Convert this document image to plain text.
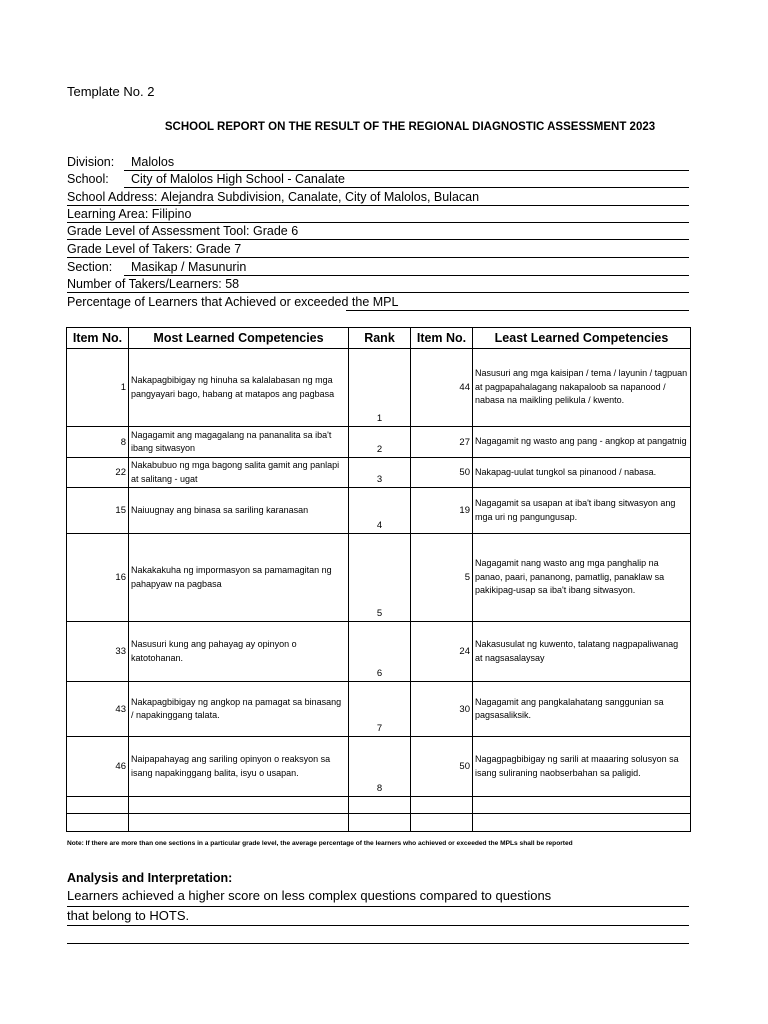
Template No. 2
SCHOOL REPORT ON THE RESULT OF THE REGIONAL DIAGNOSTIC ASSESSMENT 2023
Division: Malolos
School: City of Malolos High School - Canalate
School Address: Alejandra Subdivision, Canalate, City of Malolos, Bulacan
Learning Area: Filipino
Grade Level of Assessment Tool: Grade 6
Grade Level of Takers: Grade 7
Section: Masikap / Masunurin
Number of Takers/Learners: 58
Percentage of Learners that Achieved or exceeded the MPL
Item No.	Most Learned Competencies	Rank	Item No.	Least Learned Competencies
1	Nakapagbibigay ng hinuha sa kalalabasan ng mga pangyayari bago, habang at matapos ang pagbasa	1	44	Nasusuri ang mga kaisipan / tema / layunin / tagpuan at pagpapahalagang nakapaloob sa napanood / nabasa na maikling pelikula / kwento.
8	Nagagamit ang magagalang na pananalita sa iba't ibang sitwasyon	2	27	Nagagamit ng wasto ang pang - angkop at pangatnig
22	Nakabubuo ng mga bagong salita gamit ang panlapi at salitang - ugat	3	50	Nakapag-uulat tungkol sa pinanood / nabasa.
15	Naiuugnay ang binasa sa sariling karanasan	4	19	Nagagamit sa usapan at iba't ibang sitwasyon ang mga uri ng pangungusap.
16	Nakakakuha ng impormasyon sa pamamagitan ng pahapyaw na pagbasa	5	5	Nagagamit nang wasto ang mga panghalip na panao, paari, pananong, pamatlig, panaklaw sa pakikipag-usap sa iba't ibang sitwasyon.
33	Nasusuri kung ang pahayag ay opinyon o katotohanan.	6	24	Nakasusulat ng kuwento, talatang nagpapaliwanag at nagsasalaysay
43	Nakapagbibigay ng angkop na pamagat sa binasang / napakinggang talata.	7	30	Nagagamit ang pangkalahatang sanggunian sa pagsasaliksik.
46	Naipapahayag ang sariling opinyon o reaksyon sa isang napakinggang balita, isyu o usapan.	8	50	Nagagpagbibigay ng sarili at maaaring solusyon sa isang suliraning naobserbahan sa paligid.

Note: If there are more than one sections in a particular grade level, the average percentage of the learners who achieved or exceeded the MPLs shall be reported
Analysis and Interpretation:
Learners achieved a higher score on less complex questions compared to questions
that belong to HOTS.
